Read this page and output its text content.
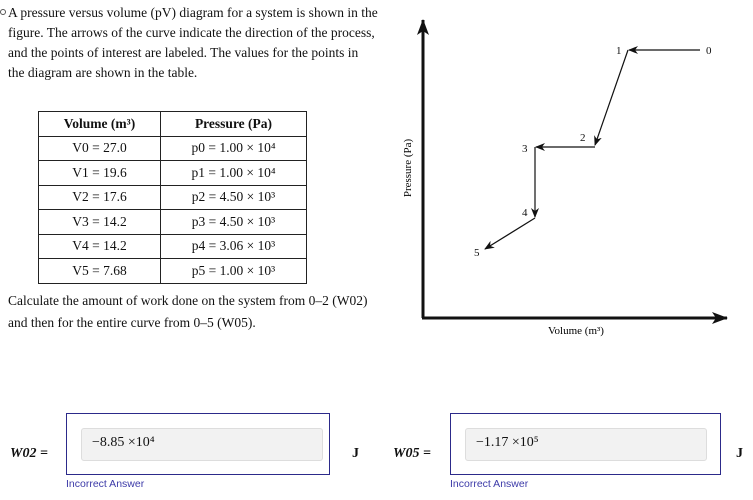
A pressure versus volume (pV) diagram for a system is shown in the figure. The arrows of the curve indicate the direction of the process, and the points of interest are labeled. The values for the points in the diagram are shown in the table.
Volume (m³)	Pressure (Pa)
V0 = 27.0	p0 = 1.00 × 10⁴
V1 = 19.6	p1 = 1.00 × 10⁴
V2 = 17.6	p2 = 4.50 × 10³
V3 = 14.2	p3 = 4.50 × 10³
V4 = 14.2	p4 = 3.06 × 10³
V5 = 7.68	p5 = 1.00 × 10³
Calculate the amount of work done on the system from 0–2 (W02) and then for the entire curve from 0–5 (W05).
Pressure (Pa)
Volume (m³)
0
1
2
3
4
5
W02 =
−8.85 ×10⁴
J
Incorrect Answer
W05 =
−1.17 ×10⁵
J
Incorrect Answer
